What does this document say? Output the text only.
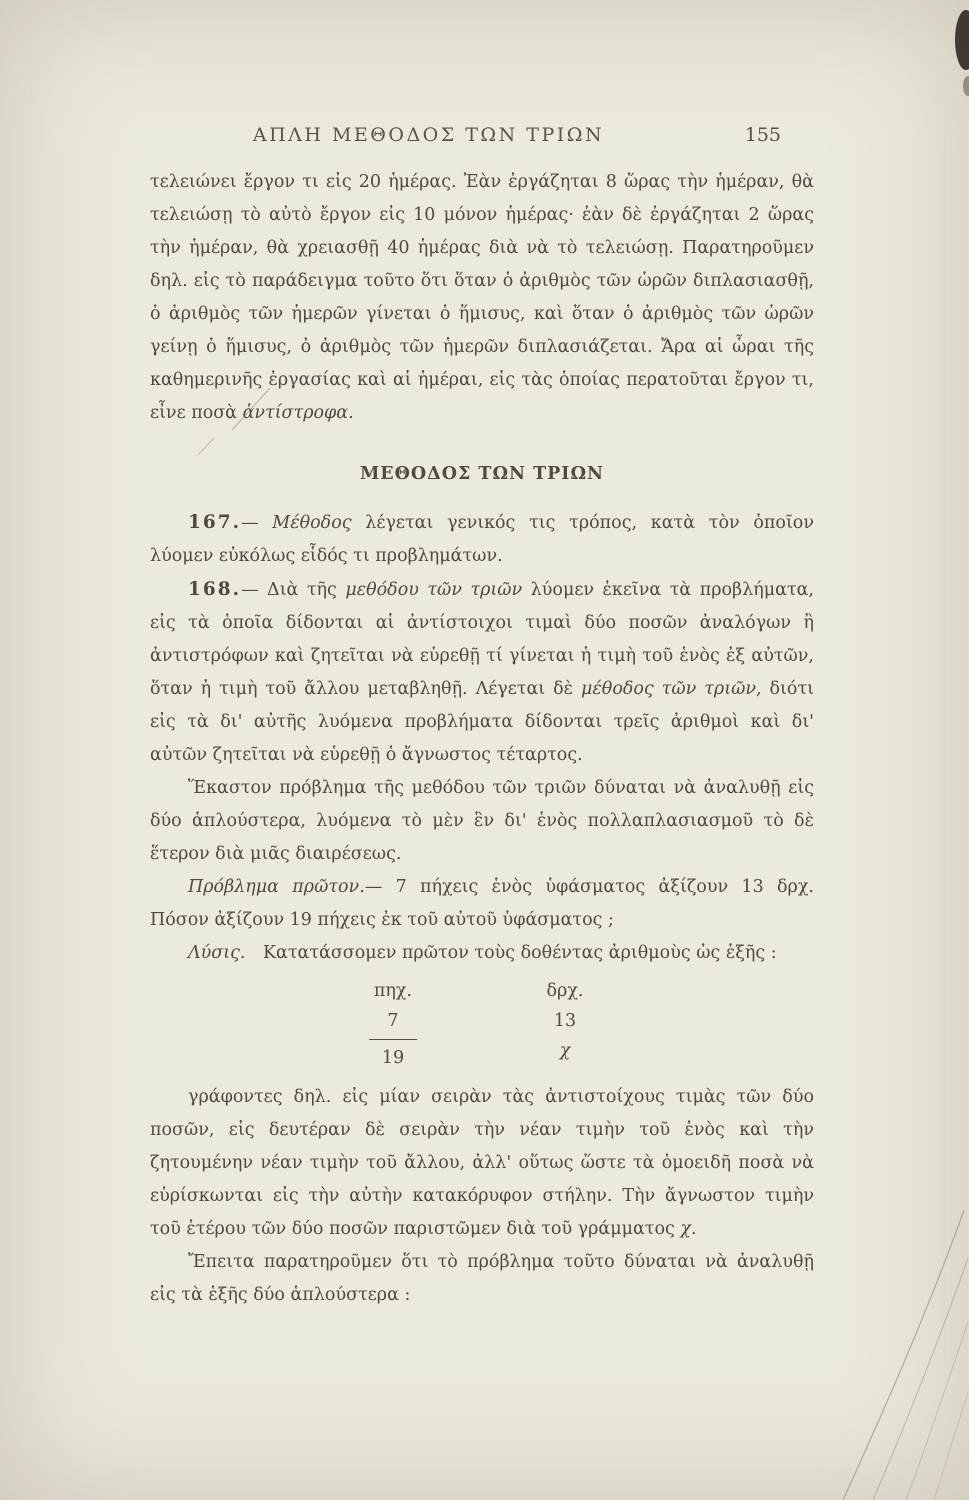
ΑΠΛΗ ΜΕΘΟΔΟΣ ΤΩΝ ΤΡΙΩΝ	155

τελειώνει ἔργον τι εἰς 20 ἡμέρας. Ἐὰν ἐργάζηται 8 ὥρας τὴν ἡμέραν, θὰ τελειώσῃ τὸ αὐτὸ ἔργον εἰς 10 μόνον ἡμέρας· ἐὰν δὲ ἐργάζηται 2 ὥρας τὴν ἡμέραν, θὰ χρειασθῇ 40 ἡμέρας διὰ νὰ τὸ τελειώσῃ. Παρατηροῦμεν δηλ. εἰς τὸ παράδειγμα τοῦτο ὅτι ὅταν ὁ ἀριθμὸς τῶν ὡρῶν διπλασιασθῇ, ὁ ἀριθμὸς τῶν ἡμερῶν γίνεται ὁ ἥμισυς, καὶ ὅταν ὁ ἀριθμὸς τῶν ὡρῶν γείνῃ ὁ ἥμισυς, ὁ ἀριθμὸς τῶν ἡμερῶν διπλασιάζεται. Ἄρα αἱ ὧραι τῆς καθημερινῆς ἐργασίας καὶ αἱ ἡμέραι, εἰς τὰς ὁποίας περατοῦται ἔργον τι, εἶνε ποσὰ ἀντίστροφα.

ΜΕΘΟΔΟΣ ΤΩΝ ΤΡΙΩΝ

167.— Μέθοδος λέγεται γενικός τις τρόπος, κατὰ τὸν ὁποῖον λύομεν εὐκόλως εἶδός τι προβλημάτων.

168.— Διὰ τῆς μεθόδου τῶν τριῶν λύομεν ἐκεῖνα τὰ προβλήματα, εἰς τὰ ὁποῖα δίδονται αἱ ἀντίστοιχοι τιμαὶ δύο ποσῶν ἀναλόγων ἢ ἀντιστρόφων καὶ ζητεῖται νὰ εὑρεθῇ τί γίνεται ἡ τιμὴ τοῦ ἑνὸς ἐξ αὐτῶν, ὅταν ἡ τιμὴ τοῦ ἄλλου μεταβληθῇ. Λέγεται δὲ μέθοδος τῶν τριῶν, διότι εἰς τὰ δι' αὐτῆς λυόμενα προβλήματα δίδονται τρεῖς ἀριθμοὶ καὶ δι' αὐτῶν ζητεῖται νὰ εὑρεθῇ ὁ ἄγνωστος τέταρτος.

Ἕκαστον πρόβλημα τῆς μεθόδου τῶν τριῶν δύναται νὰ ἀναλυθῇ εἰς δύο ἁπλούστερα, λυόμενα τὸ μὲν ἓν δι' ἑνὸς πολλαπλασιασμοῦ τὸ δὲ ἕτερον διὰ μιᾶς διαιρέσεως.

Πρόβλημα πρῶτον.— 7 πήχεις ἑνὸς ὑφάσματος ἀξίζουν 13 δρχ. Πόσον ἀξίζουν 19 πήχεις ἐκ τοῦ αὐτοῦ ὑφάσματος ;

Λύσις. Κατατάσσομεν πρῶτον τοὺς δοθέντας ἀριθμοὺς ὡς ἑξῆς :

πηχ.	δρχ.
7	13
19	χ

γράφοντες δηλ. εἰς μίαν σειρὰν τὰς ἀντιστοίχους τιμὰς τῶν δύο ποσῶν, εἰς δευτέραν δὲ σειρὰν τὴν νέαν τιμὴν τοῦ ἑνὸς καὶ τὴν ζητουμένην νέαν τιμὴν τοῦ ἄλλου, ἀλλ' οὕτως ὥστε τὰ ὁμοειδῆ ποσὰ νὰ εὑρίσκωνται εἰς τὴν αὐτὴν κατακόρυφον στήλην. Τὴν ἄγνωστον τιμὴν τοῦ ἑτέρου τῶν δύο ποσῶν παριστῶμεν διὰ τοῦ γράμματος χ.

Ἔπειτα παρατηροῦμεν ὅτι τὸ πρόβλημα τοῦτο δύναται νὰ ἀναλυθῇ εἰς τὰ ἑξῆς δύο ἁπλούστερα :
